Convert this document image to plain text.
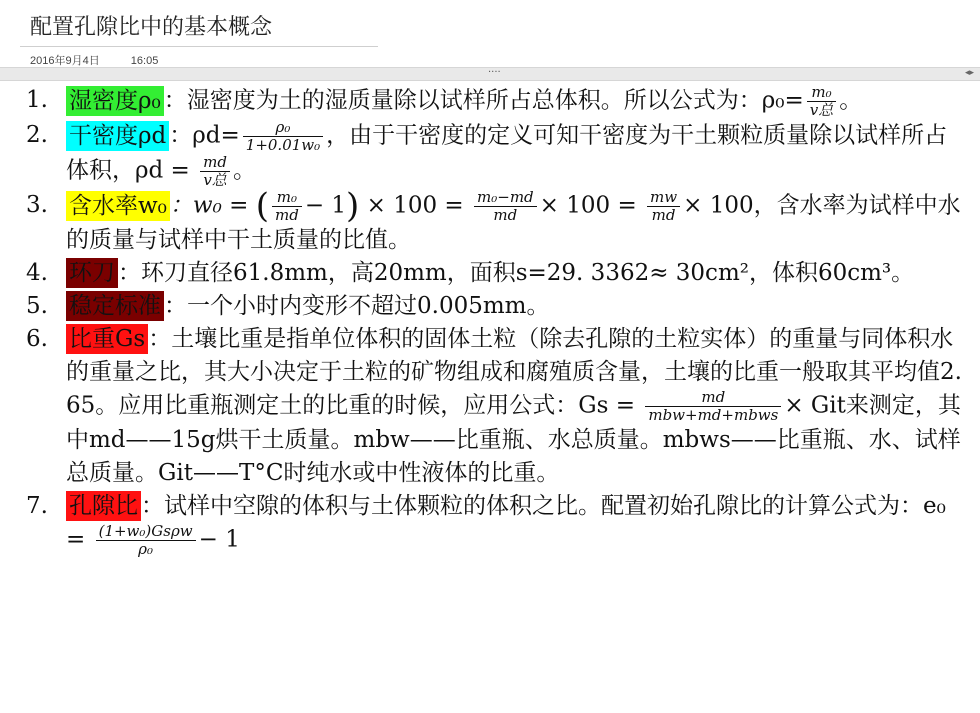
配置孔隙比中的基本概念
2016年9月4日	16:05
····	◂▸
1. 湿密度ρ₀ ：湿密度为土的湿质量除以试样所占总体积。所以公式为：$\rho_0= \frac{\text{m₀}}{\text{v总}}$ 。
2. 干密度ρd ：$\rho d= \frac{\text{ρ₀}}{\text{1+0.01w₀}}$ ，由于干密度的定义可知干密度为干土颗粒质量除以试样所占体积，$\rho d = \frac{md}{\text{v总}}$ 。
3. 含水率w₀ ：w₀ = ( $\frac{\text{m₀}}{md} - 1) \times 100 = \frac{\text{m₀−md}}{md} \times 100 = \frac{mw}{md} \times 100$，含水率为试样中水的质量与试样中干土质量的比值。
4. 环刀 ：环刀直径61.8mm，高20mm，面积s=29. 3362≈ 30cm²，体积60cm³。
5. 稳定标准 ：一个小时内变形不超过0.005mm。
6. 比重Gs ：土壤比重是指单位体积的固体土粒（除去孔隙的土粒实体）的重量与同体积水的重量之比，其大小决定于土粒的矿物组成和腐殖质含量，土壤的比重一般取其平均值2. 65。应用比重瓶测定土的比重的时候，应用公式：$Gs = \frac{md}{\text{mbw+md+mbws}}$ × Git来测定，其中md——15g烘干土质量。mbw——比重瓶、水总质量。mbws——比重瓶、水、试样总质量。Git——T°C时纯水或中性液体的比重。
7. 孔隙比 ：试样中空隙的体积与土体颗粒的体积之比。配置初始孔隙比的计算公式为：$e_0 = \frac{\text{(1+w₀)Gsρw}}{\text{ρ₀}} - 1$
